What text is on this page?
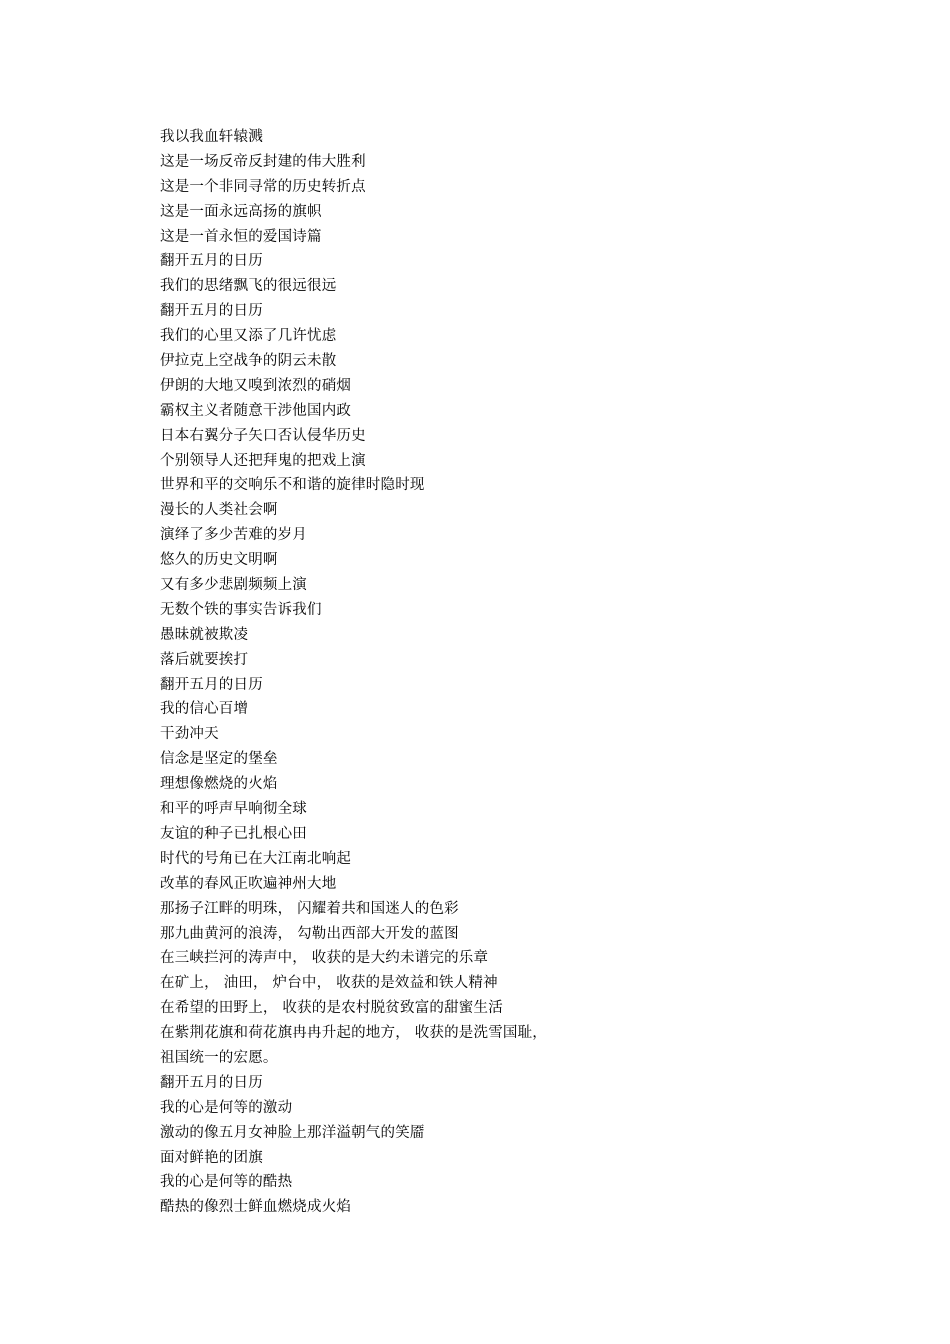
我以我血轩辕溅
这是一场反帝反封建的伟大胜利
这是一个非同寻常的历史转折点
这是一面永远高扬的旗帜
这是一首永恒的爱国诗篇
翻开五月的日历
我们的思绪飘飞的很远很远
翻开五月的日历
我们的心里又添了几许忧虑
伊拉克上空战争的阴云未散
伊朗的大地又嗅到浓烈的硝烟
霸权主义者随意干涉他国内政
日本右翼分子矢口否认侵华历史
个别领导人还把拜鬼的把戏上演
世界和平的交响乐不和谐的旋律时隐时现
漫长的人类社会啊
演绎了多少苦难的岁月
悠久的历史文明啊
又有多少悲剧频频上演
无数个铁的事实告诉我们
愚昧就被欺凌
落后就要挨打
翻开五月的日历
我的信心百增
干劲冲天
信念是坚定的堡垒
理想像燃烧的火焰
和平的呼声早响彻全球
友谊的种子已扎根心田
时代的号角已在大江南北响起
改革的春风正吹遍神州大地
那扬子江畔的明珠， 闪耀着共和国迷人的色彩
那九曲黄河的浪涛， 勾勒出西部大开发的蓝图
在三峡拦河的涛声中， 收获的是大约未谱完的乐章
在矿上， 油田， 炉台中， 收获的是效益和铁人精神
在希望的田野上， 收获的是农村脱贫致富的甜蜜生活
在紫荆花旗和荷花旗冉冉升起的地方， 收获的是洗雪国耻，
祖国统一的宏愿。
翻开五月的日历
我的心是何等的激动
激动的像五月女神脸上那洋溢朝气的笑靥
面对鲜艳的团旗
我的心是何等的酷热
酷热的像烈士鲜血燃烧成火焰
